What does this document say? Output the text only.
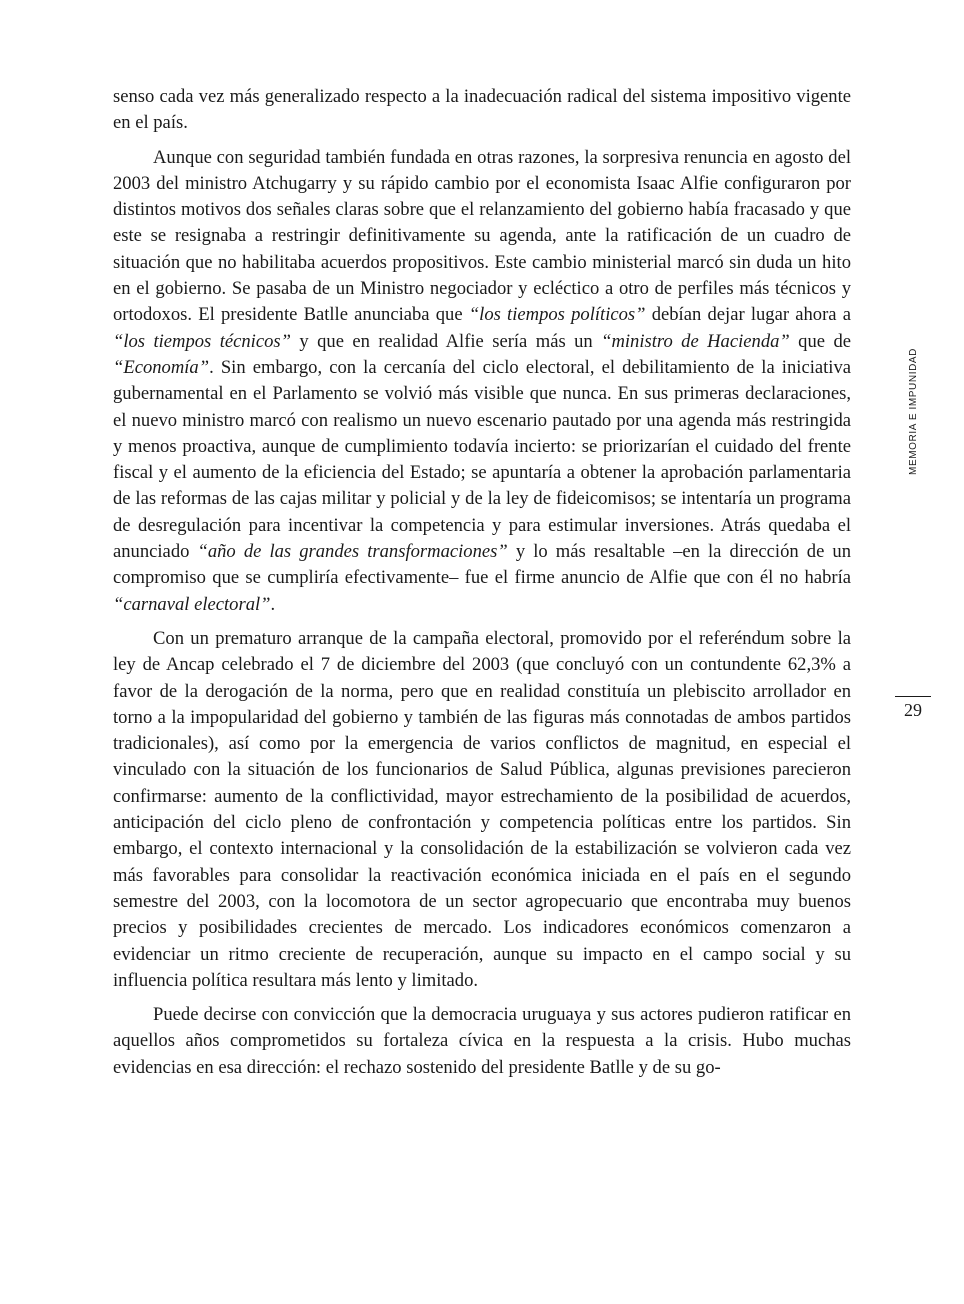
senso cada vez más generalizado respecto a la inadecuación radical del sistema impositivo vigente en el país.

Aunque con seguridad también fundada en otras razones, la sorpresiva renuncia en agosto del 2003 del ministro Atchugarry y su rápido cambio por el economista Isaac Alfie configuraron por distintos motivos dos señales claras sobre que el relanzamiento del gobierno había fracasado y que este se resignaba a restringir definitivamente su agenda, ante la ratificación de un cuadro de situación que no habilitaba acuerdos propositivos. Este cambio ministerial marcó sin duda un hito en el gobierno. Se pasaba de un Ministro negociador y ecléctico a otro de perfiles más técnicos y ortodoxos. El presidente Batlle anunciaba que “los tiempos políticos” debían dejar lugar ahora a “los tiempos técnicos” y que en realidad Alfie sería más un “ministro de Hacienda” que de “Economía”. Sin embargo, con la cercanía del ciclo electoral, el debilitamiento de la iniciativa gubernamental en el Parlamento se volvió más visible que nunca. En sus primeras declaraciones, el nuevo ministro marcó con realismo un nuevo escenario pautado por una agenda más restringida y menos proactiva, aunque de cumplimiento todavía incierto: se priorizarían el cuidado del frente fiscal y el aumento de la eficiencia del Estado; se apuntaría a obtener la aprobación parlamentaria de las reformas de las cajas militar y policial y de la ley de fideicomisos; se intentaría un programa de desregulación para incentivar la competencia y para estimular inversiones. Atrás quedaba el anunciado “año de las grandes transformaciones” y lo más resaltable –en la dirección de un compromiso que se cumpliría efectivamente– fue el firme anuncio de Alfie que con él no habría “carnaval electoral”.

Con un prematuro arranque de la campaña electoral, promovido por el referéndum sobre la ley de Ancap celebrado el 7 de diciembre del 2003 (que concluyó con un contundente 62,3% a favor de la derogación de la norma, pero que en realidad constituía un plebiscito arrollador en torno a la impopularidad del gobierno y también de las figuras más connotadas de ambos partidos tradicionales), así como por la emergencia de varios conflictos de magnitud, en especial el vinculado con la situación de los funcionarios de Salud Pública, algunas previsiones parecieron confirmarse: aumento de la conflictividad, mayor estrechamiento de la posibilidad de acuerdos, anticipación del ciclo pleno de confrontación y competencia políticas entre los partidos. Sin embargo, el contexto internacional y la consolidación de la estabilización se volvieron cada vez más favorables para consolidar la reactivación económica iniciada en el país en el segundo semestre del 2003, con la locomotora de un sector agropecuario que encontraba muy buenos precios y posibilidades crecientes de mercado. Los indicadores económicos comenzaron a evidenciar un ritmo creciente de recuperación, aunque su impacto en el campo social y su influencia política resultara más lento y limitado.

Puede decirse con convicción que la democracia uruguaya y sus actores pudieron ratificar en aquellos años comprometidos su fortaleza cívica en la respuesta a la crisis. Hubo muchas evidencias en esa dirección: el rechazo sostenido del presidente Batlle y de su go-

MEMORIA E IMPUNIDAD
29
